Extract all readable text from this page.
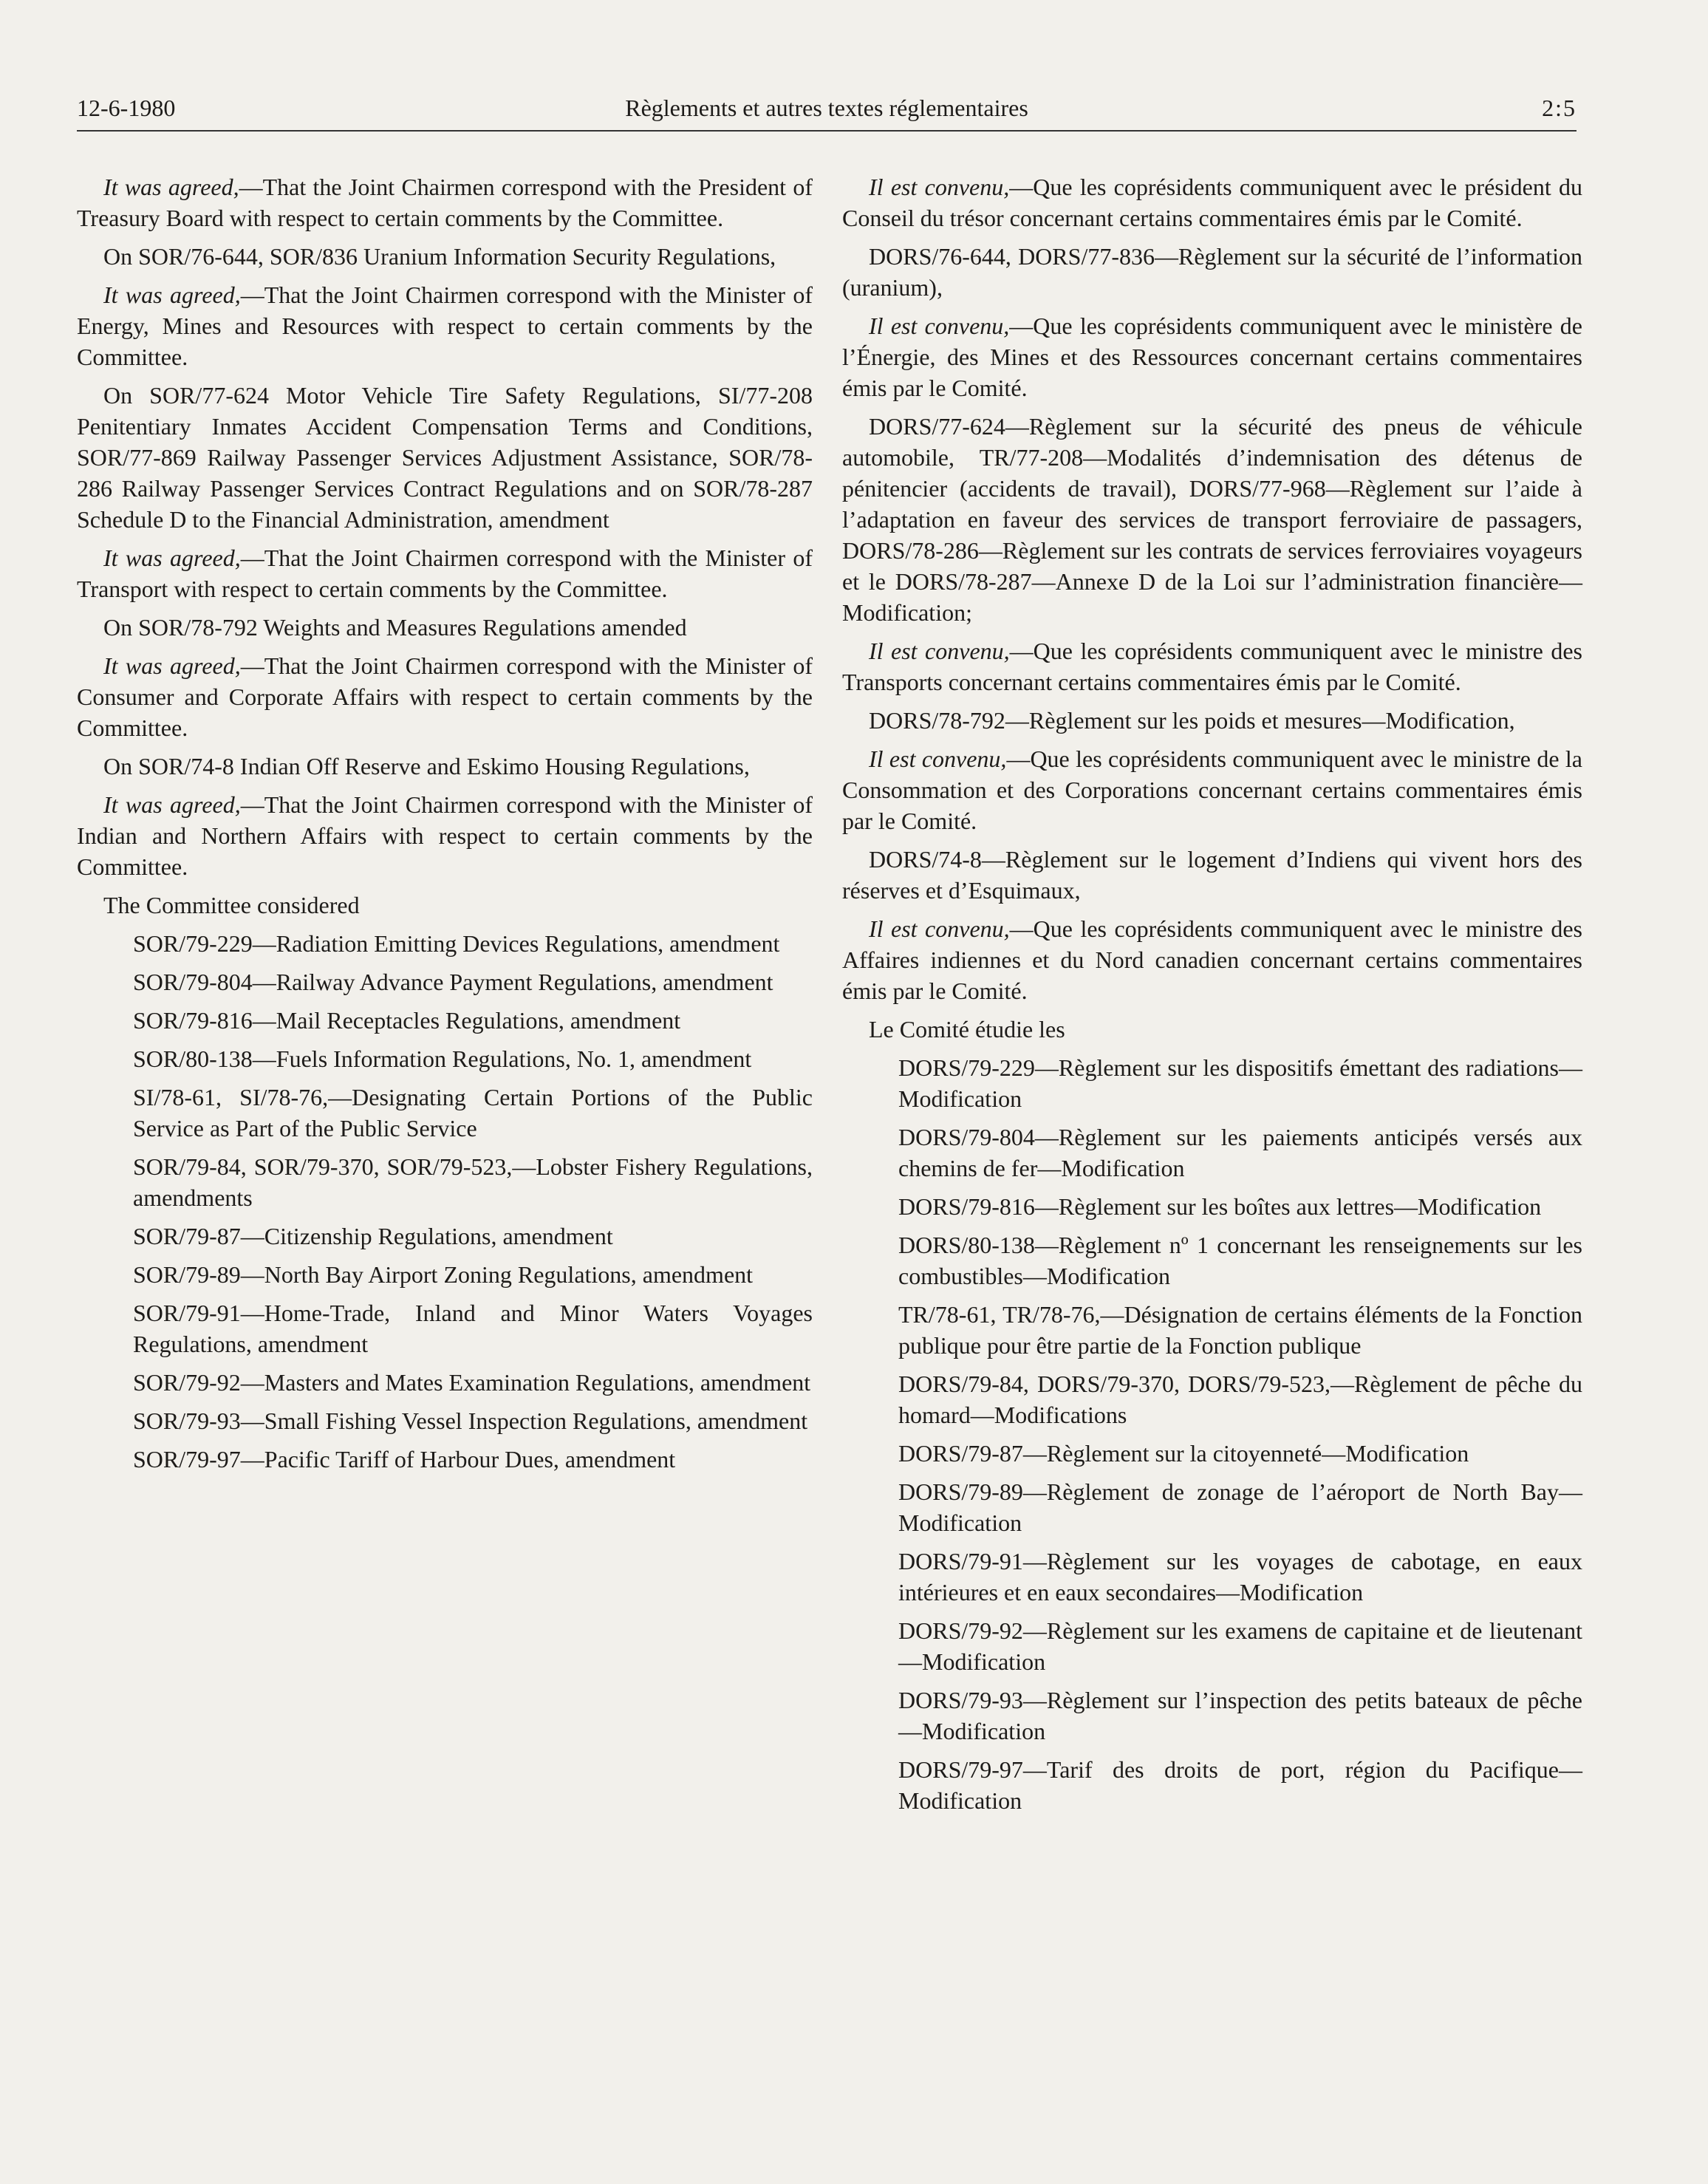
12-6-1980	Règlements et autres textes réglementaires	2:5

It was agreed,—That the Joint Chairmen correspond with the President of Treasury Board with respect to certain comments by the Committee.

On SOR/76-644, SOR/836 Uranium Information Security Regulations,

It was agreed,—That the Joint Chairmen correspond with the Minister of Energy, Mines and Resources with respect to certain comments by the Committee.

On SOR/77-624 Motor Vehicle Tire Safety Regulations, SI/77-208 Penitentiary Inmates Accident Compensation Terms and Conditions, SOR/77-869 Railway Passenger Services Adjustment Assistance, SOR/78-286 Railway Passenger Services Contract Regulations and on SOR/78-287 Schedule D to the Financial Administration, amendment

It was agreed,—That the Joint Chairmen correspond with the Minister of Transport with respect to certain comments by the Committee.

On SOR/78-792 Weights and Measures Regulations amended

It was agreed,—That the Joint Chairmen correspond with the Minister of Consumer and Corporate Affairs with respect to certain comments by the Committee.

On SOR/74-8 Indian Off Reserve and Eskimo Housing Regulations,

It was agreed,—That the Joint Chairmen correspond with the Minister of Indian and Northern Affairs with respect to certain comments by the Committee.

The Committee considered

SOR/79-229—Radiation Emitting Devices Regulations, amendment

SOR/79-804—Railway Advance Payment Regulations, amendment

SOR/79-816—Mail Receptacles Regulations, amendment

SOR/80-138—Fuels Information Regulations, No. 1, amendment

SI/78-61, SI/78-76,—Designating Certain Portions of the Public Service as Part of the Public Service

SOR/79-84, SOR/79-370, SOR/79-523,—Lobster Fishery Regulations, amendments

SOR/79-87—Citizenship Regulations, amendment

SOR/79-89—North Bay Airport Zoning Regulations, amendment

SOR/79-91—Home-Trade, Inland and Minor Waters Voyages Regulations, amendment

SOR/79-92—Masters and Mates Examination Regulations, amendment

SOR/79-93—Small Fishing Vessel Inspection Regulations, amendment

SOR/79-97—Pacific Tariff of Harbour Dues, amendment

Il est convenu,—Que les coprésidents communiquent avec le président du Conseil du trésor concernant certains commentaires émis par le Comité.

DORS/76-644, DORS/77-836—Règlement sur la sécurité de l’information (uranium),

Il est convenu,—Que les coprésidents communiquent avec le ministère de l’Énergie, des Mines et des Ressources concernant certains commentaires émis par le Comité.

DORS/77-624—Règlement sur la sécurité des pneus de véhicule automobile, TR/77-208—Modalités d’indemnisation des détenus de pénitencier (accidents de travail), DORS/77-968—Règlement sur l’aide à l’adaptation en faveur des services de transport ferroviaire de passagers, DORS/78-286—Règlement sur les contrats de services ferroviaires voyageurs et le DORS/78-287—Annexe D de la Loi sur l’administration financière—Modification;

Il est convenu,—Que les coprésidents communiquent avec le ministre des Transports concernant certains commentaires émis par le Comité.

DORS/78-792—Règlement sur les poids et mesures—Modification,

Il est convenu,—Que les coprésidents communiquent avec le ministre de la Consommation et des Corporations concernant certains commentaires émis par le Comité.

DORS/74-8—Règlement sur le logement d’Indiens qui vivent hors des réserves et d’Esquimaux,

Il est convenu,—Que les coprésidents communiquent avec le ministre des Affaires indiennes et du Nord canadien concernant certains commentaires émis par le Comité.

Le Comité étudie les

DORS/79-229—Règlement sur les dispositifs émettant des radiations—Modification

DORS/79-804—Règlement sur les paiements anticipés versés aux chemins de fer—Modification

DORS/79-816—Règlement sur les boîtes aux lettres—Modification

DORS/80-138—Règlement nº 1 concernant les renseignements sur les combustibles—Modification

TR/78-61, TR/78-76,—Désignation de certains éléments de la Fonction publique pour être partie de la Fonction publique

DORS/79-84, DORS/79-370, DORS/79-523,—Règlement de pêche du homard—Modifications

DORS/79-87—Règlement sur la citoyenneté—Modification

DORS/79-89—Règlement de zonage de l’aéroport de North Bay—Modification

DORS/79-91—Règlement sur les voyages de cabotage, en eaux intérieures et en eaux secondaires—Modification

DORS/79-92—Règlement sur les examens de capitaine et de lieutenant—Modification

DORS/79-93—Règlement sur l’inspection des petits bateaux de pêche—Modification

DORS/79-97—Tarif des droits de port, région du Pacifique—Modification
